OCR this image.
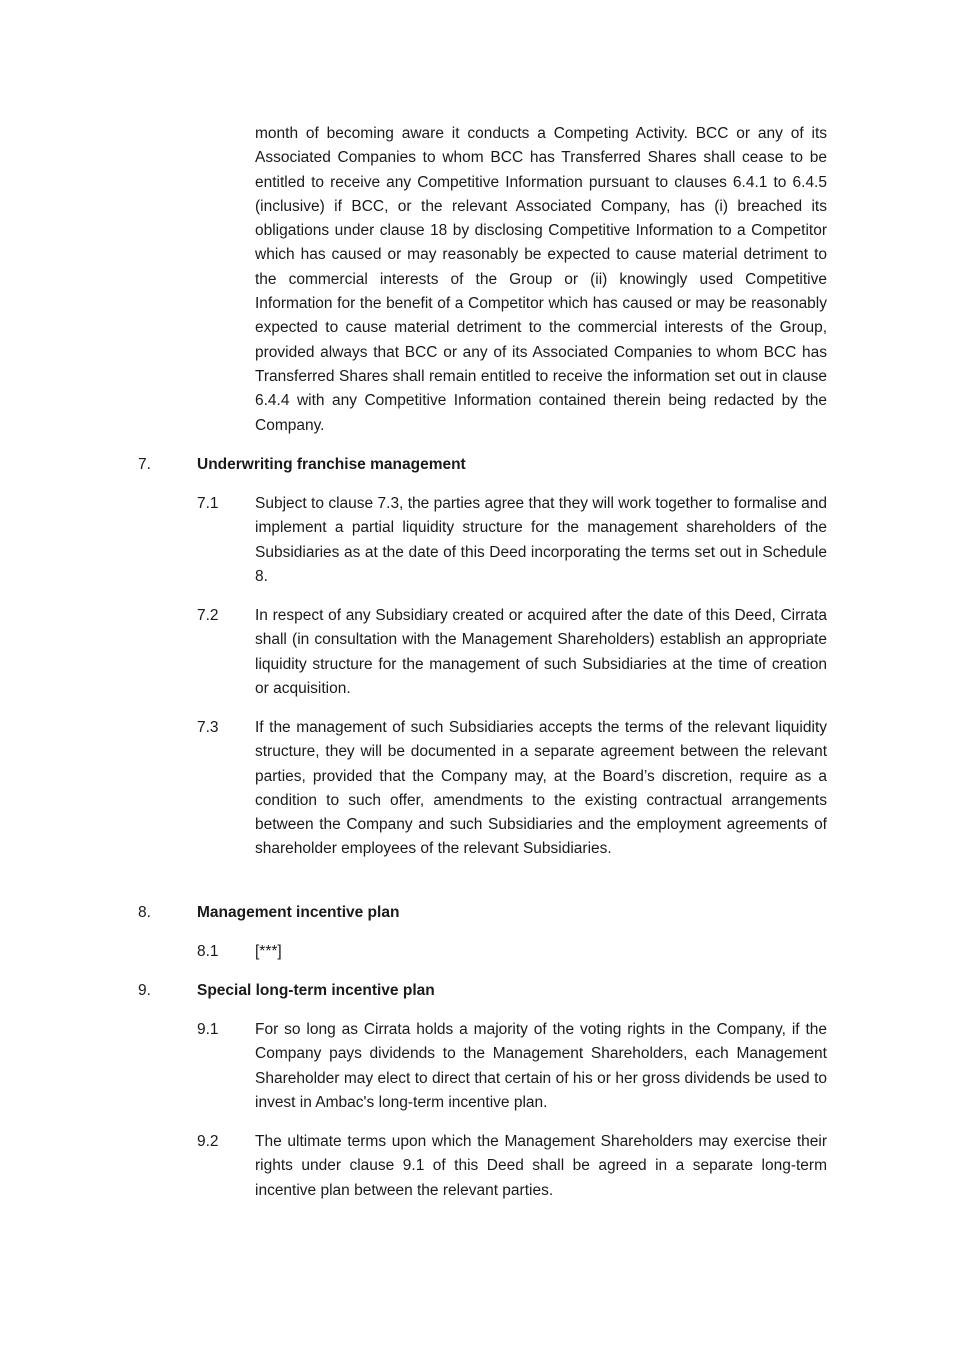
month of becoming aware it conducts a Competing Activity. BCC or any of its Associated Companies to whom BCC has Transferred Shares shall cease to be entitled to receive any Competitive Information pursuant to clauses 6.4.1 to 6.4.5 (inclusive) if BCC, or the relevant Associated Company, has (i) breached its obligations under clause 18 by disclosing Competitive Information to a Competitor which has caused or may reasonably be expected to cause material detriment to the commercial interests of the Group or (ii) knowingly used Competitive Information for the benefit of a Competitor which has caused or may be reasonably expected to cause material detriment to the commercial interests of the Group, provided always that BCC or any of its Associated Companies to whom BCC has Transferred Shares shall remain entitled to receive the information set out in clause 6.4.4 with any Competitive Information contained therein being redacted by the Company.

7.	Underwriting franchise management
7.1 Subject to clause 7.3, the parties agree that they will work together to formalise and implement a partial liquidity structure for the management shareholders of the Subsidiaries as at the date of this Deed incorporating the terms set out in Schedule 8.

7.2 In respect of any Subsidiary created or acquired after the date of this Deed, Cirrata shall (in consultation with the Management Shareholders) establish an appropriate liquidity structure for the management of such Subsidiaries at the time of creation or acquisition.

7.3 If the management of such Subsidiaries accepts the terms of the relevant liquidity structure, they will be documented in a separate agreement between the relevant parties, provided that the Company may, at the Board’s discretion, require as a condition to such offer, amendments to the existing contractual arrangements between the Company and such Subsidiaries and the employment agreements of shareholder employees of the relevant Subsidiaries.

8.	Management incentive plan
8.1 [***]

9.	Special long-term incentive plan
9.1 For so long as Cirrata holds a majority of the voting rights in the Company, if the Company pays dividends to the Management Shareholders, each Management Shareholder may elect to direct that certain of his or her gross dividends be used to invest in Ambac's long-term incentive plan.

9.2 The ultimate terms upon which the Management Shareholders may exercise their rights under clause 9.1 of this Deed shall be agreed in a separate long-term incentive plan between the relevant parties.
